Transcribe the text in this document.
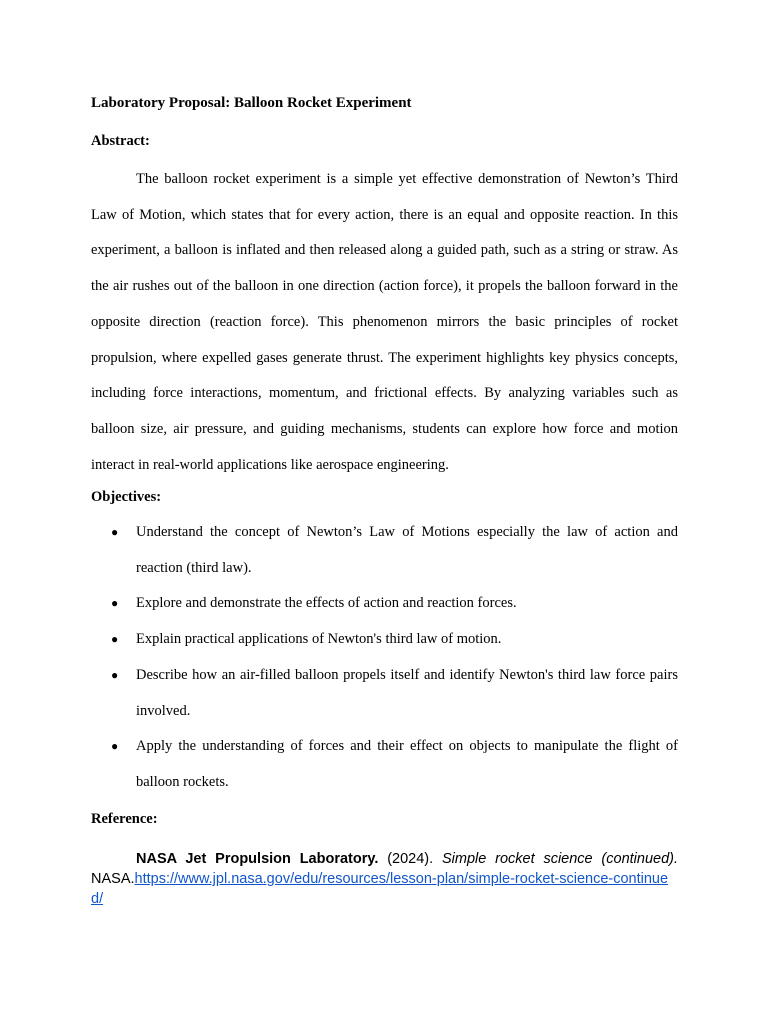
Laboratory Proposal: Balloon Rocket Experiment
Abstract:

The balloon rocket experiment is a simple yet effective demonstration of Newton’s Third Law of Motion, which states that for every action, there is an equal and opposite reaction. In this experiment, a balloon is inflated and then released along a guided path, such as a string or straw. As the air rushes out of the balloon in one direction (action force), it propels the balloon forward in the opposite direction (reaction force). This phenomenon mirrors the basic principles of rocket propulsion, where expelled gases generate thrust. The experiment highlights key physics concepts, including force interactions, momentum, and frictional effects. By analyzing variables such as balloon size, air pressure, and guiding mechanisms, students can explore how force and motion interact in real-world applications like aerospace engineering.

Objectives:
● Understand the concept of Newton’s Law of Motions especially the law of action and reaction (third law).
● Explore and demonstrate the effects of action and reaction forces.
● Explain practical applications of Newton's third law of motion.
● Describe how an air-filled balloon propels itself and identify Newton's third law force pairs involved.
● Apply the understanding of forces and their effect on objects to manipulate the flight of balloon rockets.
Reference:

NASA Jet Propulsion Laboratory. (2024). Simple rocket science (continued). NASA.https://www.jpl.nasa.gov/edu/resources/lesson-plan/simple-rocket-science-continued/
